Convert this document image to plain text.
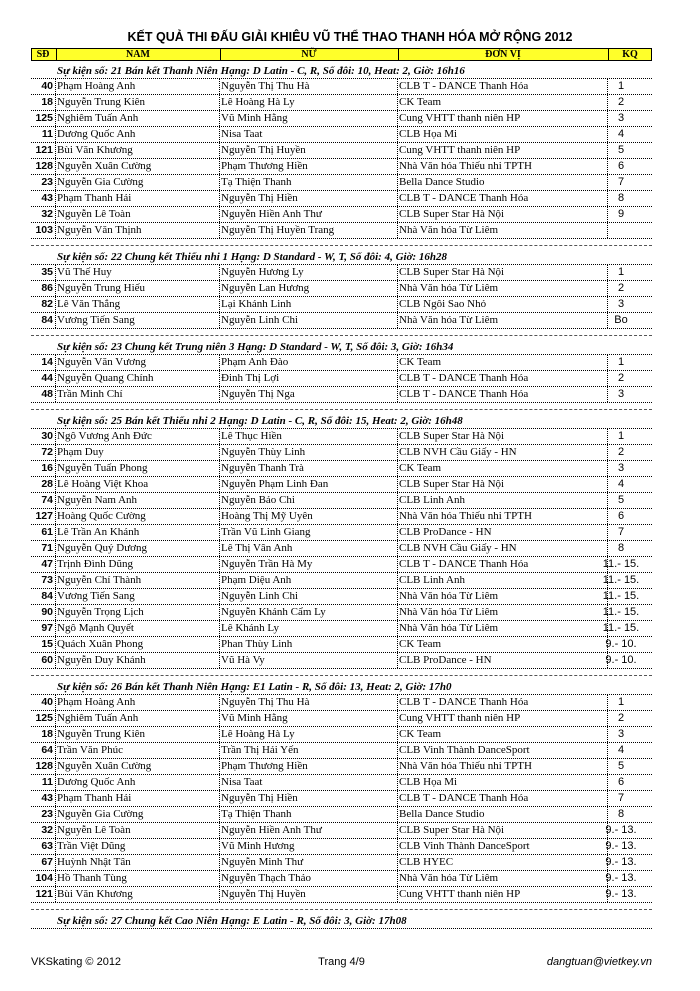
KẾT QUẢ THI ĐẤU GIẢI KHIÊU VŨ THỂ THAO THANH HÓA MỞ RỘNG 2012
SĐ	NAM	NỮ	ĐƠN VỊ	KQ
Sự kiện số: 21 Bán kết Thanh Niên Hạng: D Latin - C, R, Số đôi: 10, Heat: 2, Giờ: 16h16
40 Phạm Hoàng Anh	Nguyễn Thị Thu Hà	CLB T - DANCE Thanh Hóa	1
18 Nguyễn Trung Kiên	Lê Hoàng Hà Ly	CK Team	2
125 Nghiêm Tuấn Anh	Vũ Minh Hằng	Cung VHTT thanh niên HP	3
11 Dương Quốc Anh	Nisa Taat	CLB Họa Mi	4
121 Bùi Văn Khương	Nguyễn Thị Huyền	Cung VHTT thanh niên HP	5
128 Nguyễn Xuân Cường	Phạm Thương Hiền	Nhà Văn hóa Thiếu nhi TPTH	6
23 Nguyễn Gia Cường	Tạ Thiện Thanh	Bella Dance Studio	7
43 Phạm Thanh Hải	Nguyễn Thị Hiền	CLB T - DANCE Thanh Hóa	8
32 Nguyễn Lê Toàn	Nguyễn Hiền Anh Thư	CLB Super Star Hà Nội	9
103 Nguyễn Văn Thịnh	Nguyễn Thị Huyền Trang	Nhà Văn hóa Từ Liêm
Sự kiện số: 22 Chung kết Thiếu nhi 1 Hạng: D Standard - W, T, Số đôi: 4, Giờ: 16h28
35 Vũ Thế Huy	Nguyễn Hương Ly	CLB Super Star Hà Nội	1
86 Nguyễn Trung Hiếu	Nguyễn Lan Hương	Nhà Văn hóa Từ Liêm	2
82 Lê Văn Thắng	Lại Khánh Linh	CLB Ngôi Sao Nhỏ	3
84 Vương Tiến Sang	Nguyễn Linh Chi	Nhà Văn hóa Từ Liêm	Bo
Sự kiện số: 23 Chung kết Trung niên 3 Hạng: D Standard - W, T, Số đôi: 3, Giờ: 16h34
14 Nguyễn Văn Vương	Phạm Anh Đào	CK Team	1
44 Nguyễn Quang Chính	Đinh Thị Lợi	CLB T - DANCE Thanh Hóa	2
48 Trần Minh Chí	Nguyễn Thị Nga	CLB T - DANCE Thanh Hóa	3
Sự kiện số: 25 Bán kết Thiếu nhi 2 Hạng: D Latin - C, R, Số đôi: 15, Heat: 2, Giờ: 16h48
30 Ngô Vương Anh Đức	Lê Thục Hiền	CLB Super Star Hà Nội	1
72 Phạm Duy	Nguyễn Thùy Linh	CLB NVH Cầu Giấy - HN	2
16 Nguyễn Tuấn Phong	Nguyễn Thanh Trà	CK Team	3
28 Lê Hoàng Việt Khoa	Nguyễn Phạm Linh Đan	CLB Super Star Hà Nội	4
74 Nguyễn Nam Anh	Nguyễn Bảo Chi	CLB Linh Anh	5
127 Hoàng Quốc Cường	Hoàng Thị Mỹ Uyên	Nhà Văn hóa Thiếu nhi TPTH	6
61 Lê Trần An Khánh	Trần Vũ Linh Giang	CLB ProDance - HN	7
71 Nguyễn Quý Dương	Lê Thị Vân Anh	CLB NVH Cầu Giấy - HN	8
47 Trịnh Đình Dũng	Nguyễn Trần Hà My	CLB T - DANCE Thanh Hóa	11.- 15.
73 Nguyễn Chí Thành	Phạm Diệu Anh	CLB Linh Anh	11.- 15.
84 Vương Tiến Sang	Nguyễn Linh Chi	Nhà Văn hóa Từ Liêm	11.- 15.
90 Nguyễn Trọng Lịch	Nguyễn Khánh Cẩm Ly	Nhà Văn hóa Từ Liêm	11.- 15.
97 Ngô Mạnh Quyết	Lê Khánh Ly	Nhà Văn hóa Từ Liêm	11.- 15.
15 Quách Xuân Phong	Phan Thùy Linh	CK Team	9.- 10.
60 Nguyễn Duy Khánh	Vũ Hà Vy	CLB ProDance - HN	9.- 10.
Sự kiện số: 26 Bán kết Thanh Niên Hạng: E1 Latin - R, Số đôi: 13, Heat: 2, Giờ: 17h0
40 Phạm Hoàng Anh	Nguyễn Thị Thu Hà	CLB T - DANCE Thanh Hóa	1
125 Nghiêm Tuấn Anh	Vũ Minh Hằng	Cung VHTT thanh niên HP	2
18 Nguyễn Trung Kiên	Lê Hoàng Hà Ly	CK Team	3
64 Trần Văn Phúc	Trần Thị Hải Yến	CLB Vinh Thành DanceSport	4
128 Nguyễn Xuân Cường	Phạm Thương Hiền	Nhà Văn hóa Thiếu nhi TPTH	5
11 Dương Quốc Anh	Nisa Taat	CLB Họa Mi	6
43 Phạm Thanh Hải	Nguyễn Thị Hiền	CLB T - DANCE Thanh Hóa	7
23 Nguyễn Gia Cường	Tạ Thiện Thanh	Bella Dance Studio	8
32 Nguyễn Lê Toàn	Nguyễn Hiền Anh Thư	CLB Super Star Hà Nội	9.- 13.
63 Trần Việt Dũng	Vũ Minh Hương	CLB Vinh Thành DanceSport	9.- 13.
67 Huỳnh Nhật Tân	Nguyễn Minh Thư	CLB HYEC	9.- 13.
104 Hồ Thanh Tùng	Nguyễn Thạch Thảo	Nhà Văn hóa Từ Liêm	9.- 13.
121 Bùi Văn Khương	Nguyễn Thị Huyền	Cung VHTT thanh niên HP	9.- 13.
Sự kiện số: 27 Chung kết Cao Niên Hạng: E Latin - R, Số đôi: 3, Giờ: 17h08
VKSkating © 2012	Trang 4/9	dangtuan@vietkey.vn
